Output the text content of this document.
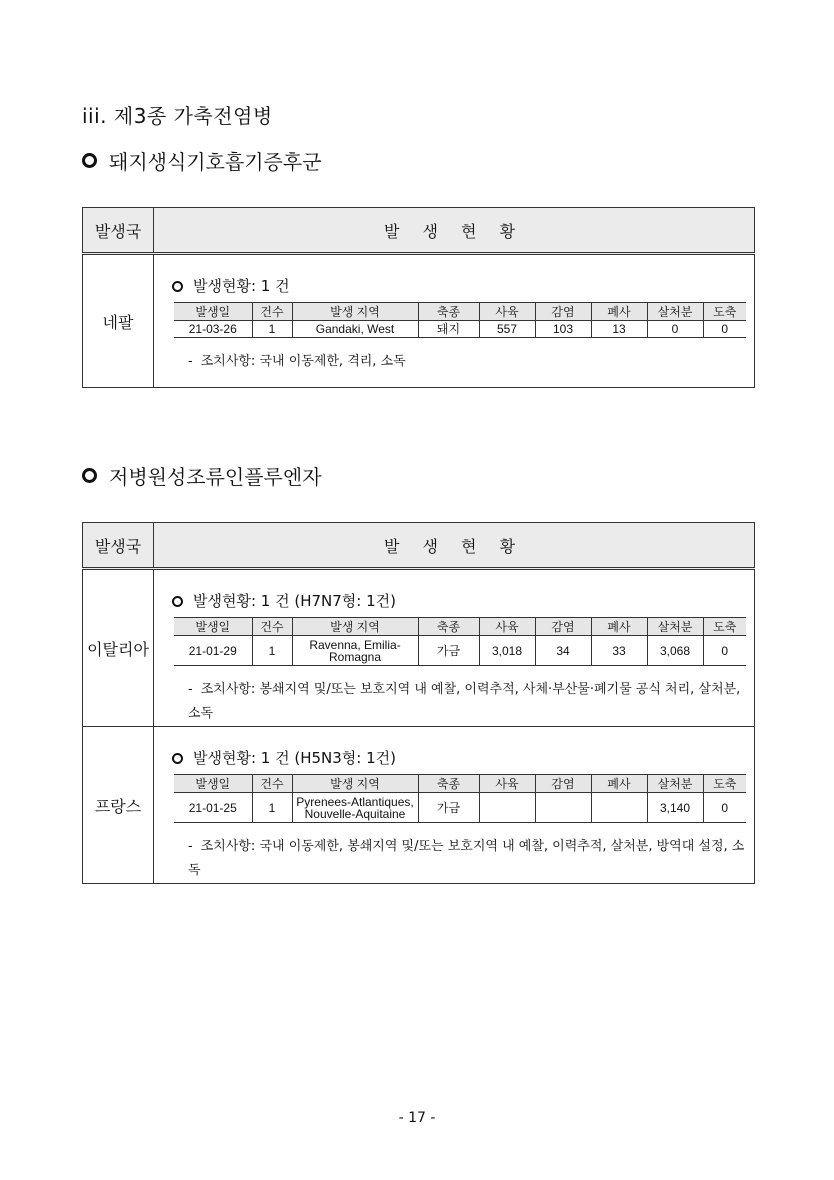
iii. 제3종 가축전염병
돼지생식기호흡기증후군
발생국	발 생 현 황
네팔	
발생현황: 1 건
발생일	건수	발생 지역	축종	사육	감염	폐사	살처분	도축
21-03-26	1	Gandaki, West	돼지	557	103	13	0	0
- 조치사항: 국내 이동제한, 격리, 소독
저병원성조류인플루엔자
발생국	발 생 현 황
이탈리아	
발생현황: 1 건 (H7N7형: 1건)
발생일	건수	발생 지역	축종	사육	감염	폐사	살처분	도축
21-01-29	1	Ravenna, Emilia-Romagna	가금	3,018	34	33	3,068	0
- 조치사항: 봉쇄지역 및/또는 보호지역 내 예찰, 이력추적, 사체·부산물·폐기물 공식 처리, 살처분, 소독

프랑스	
발생현황: 1 건 (H5N3형: 1건)
발생일	건수	발생 지역	축종	사육	감염	폐사	살처분	도축
21-01-25	1	Pyrenees-Atlantiques, Nouvelle-Aquitaine	가금				3,140	0
- 조치사항: 국내 이동제한, 봉쇄지역 및/또는 보호지역 내 예찰, 이력추적, 살처분, 방역대 설정, 소독
- 17 -
